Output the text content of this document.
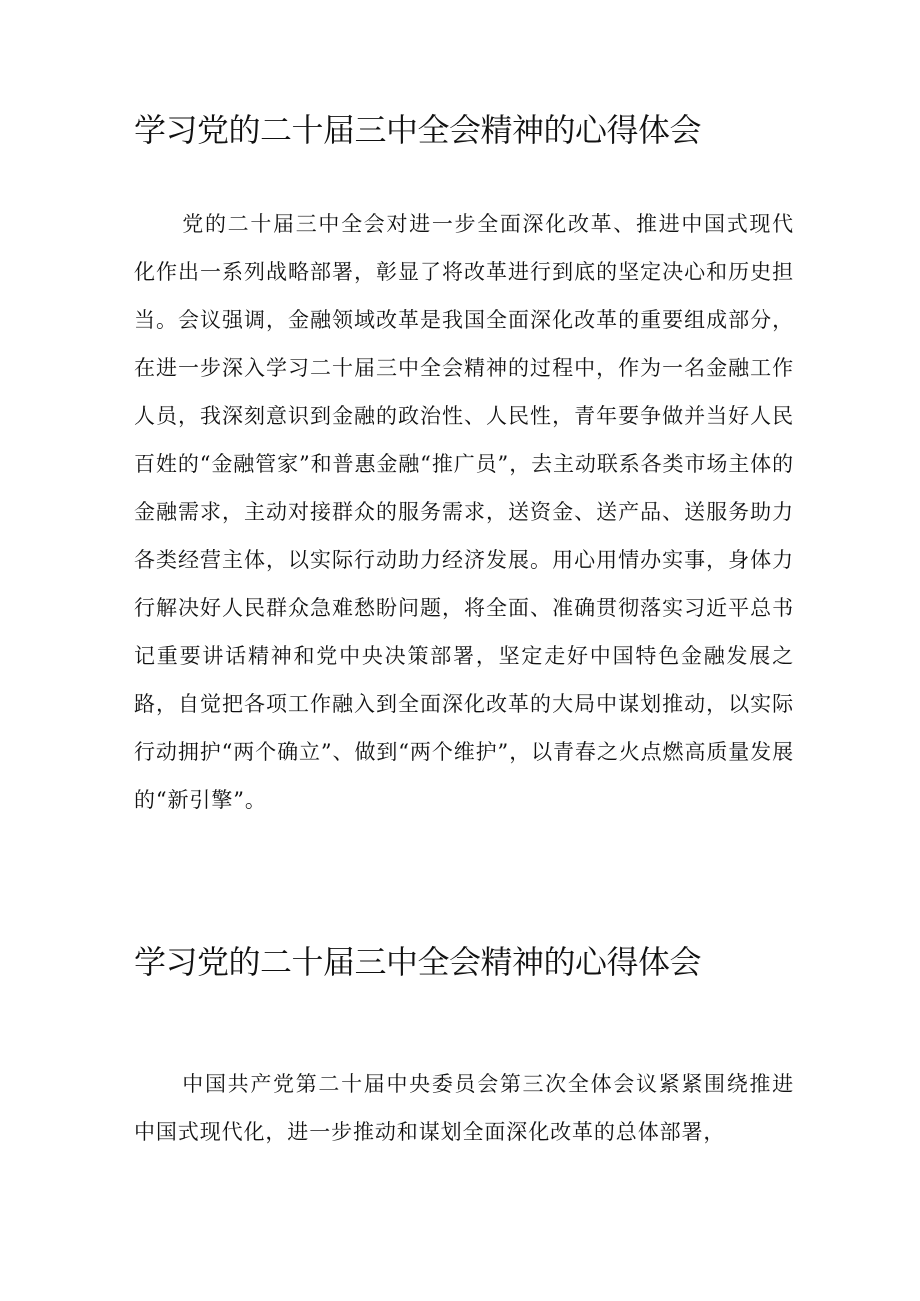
学习党的二十届三中全会精神的心得体会

党的二十届三中全会对进一步全面深化改革、推进中国式现代化作出一系列战略部署，彰显了将改革进行到底的坚定决心和历史担当。会议强调，金融领域改革是我国全面深化改革的重要组成部分，在进一步深入学习二十届三中全会精神的过程中，作为一名金融工作人员，我深刻意识到金融的政治性、人民性，青年要争做并当好人民百姓的“金融管家”和普惠金融“推广员”，去主动联系各类市场主体的金融需求，主动对接群众的服务需求，送资金、送产品、送服务助力各类经营主体，以实际行动助力经济发展。用心用情办实事，身体力行解决好人民群众急难愁盼问题，将全面、准确贯彻落实习近平总书记重要讲话精神和党中央决策部署，坚定走好中国特色金融发展之路，自觉把各项工作融入到全面深化改革的大局中谋划推动，以实际行动拥护“两个确立”、做到“两个维护”，以青春之火点燃高质量发展的“新引擎”。

学习党的二十届三中全会精神的心得体会

中国共产党第二十届中央委员会第三次全体会议紧紧围绕推进中国式现代化，进一步推动和谋划全面深化改革的总体部署，
